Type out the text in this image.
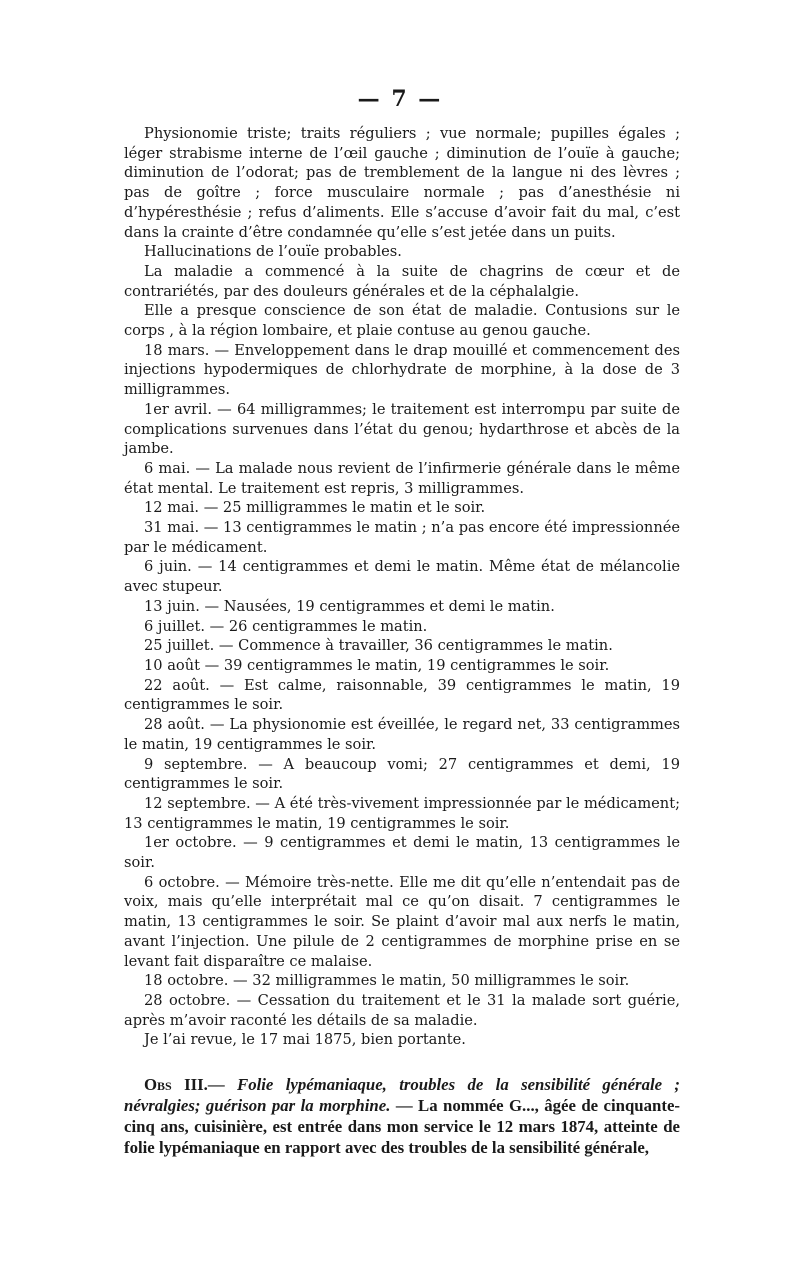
— 7 —

Physionomie triste; traits réguliers ; vue normale; pupilles égales ; léger strabisme interne de l’œil gauche ; diminution de l’ouïe à gauche; diminution de l’odorat; pas de tremblement de la langue ni des lèvres ; pas de goître ; force musculaire normale ; pas d’anesthésie ni d’hypéresthésie ; refus d’aliments. Elle s’accuse d’avoir fait du mal, c’est dans la crainte d’être condamnée qu’elle s’est jetée dans un puits.

Hallucinations de l’ouïe probables.

La maladie a commencé à la suite de chagrins de cœur et de contrariétés, par des douleurs générales et de la céphalalgie.

Elle a presque conscience de son état de maladie. Contusions sur le corps , à la région lombaire, et plaie contuse au genou gauche.

18 mars. — Enveloppement dans le drap mouillé et commencement des injections hypodermiques de chlorhydrate de morphine, à la dose de 3 milligrammes.

1er avril. — 64 milligrammes; le traitement est interrompu par suite de complications survenues dans l’état du genou; hydarthrose et abcès de la jambe.

6 mai. — La malade nous revient de l’infirmerie générale dans le même état mental. Le traitement est repris, 3 milligrammes.

12 mai. — 25 milligrammes le matin et le soir.

31 mai. — 13 centigrammes le matin ; n’a pas encore été impressionnée par le médicament.

6 juin. — 14 centigrammes et demi le matin. Même état de mélancolie avec stupeur.

13 juin. — Nausées, 19 centigrammes et demi le matin.

6 juillet. — 26 centigrammes le matin.

25 juillet. — Commence à travailler, 36 centigrammes le matin.

10 août — 39 centigrammes le matin, 19 centigrammes le soir.

22 août. — Est calme, raisonnable, 39 centigrammes le matin, 19 centigrammes le soir.

28 août. — La physionomie est éveillée, le regard net, 33 centigrammes le matin, 19 centigrammes le soir.

9 septembre. — A beaucoup vomi; 27 centigrammes et demi, 19 centigrammes le soir.

12 septembre. — A été très-vivement impressionnée par le médicament; 13 centigrammes le matin, 19 centigrammes le soir.

1er octobre. — 9 centigrammes et demi le matin, 13 centigrammes le soir.

6 octobre. — Mémoire très-nette. Elle me dit qu’elle n’entendait pas de voix, mais qu’elle interprétait mal ce qu’on disait. 7 centigrammes le matin, 13 centigrammes le soir. Se plaint d’avoir mal aux nerfs le matin, avant l’injection. Une pilule de 2 centigrammes de morphine prise en se levant fait disparaître ce malaise.

18 octobre. — 32 milligrammes le matin, 50 milligrammes le soir.

28 octobre. — Cessation du traitement et le 31 la malade sort guérie, après m’avoir raconté les détails de sa maladie.

Je l’ai revue, le 17 mai 1875, bien portante.

Obs III.— Folie lypémaniaque, troubles de la sensibilité générale ; névralgies; guérison par la morphine. — La nommée G..., âgée de cinquante-cinq ans, cuisinière, est entrée dans mon service le 12 mars 1874, atteinte de folie lypémaniaque en rapport avec des troubles de la sensibilité générale,
